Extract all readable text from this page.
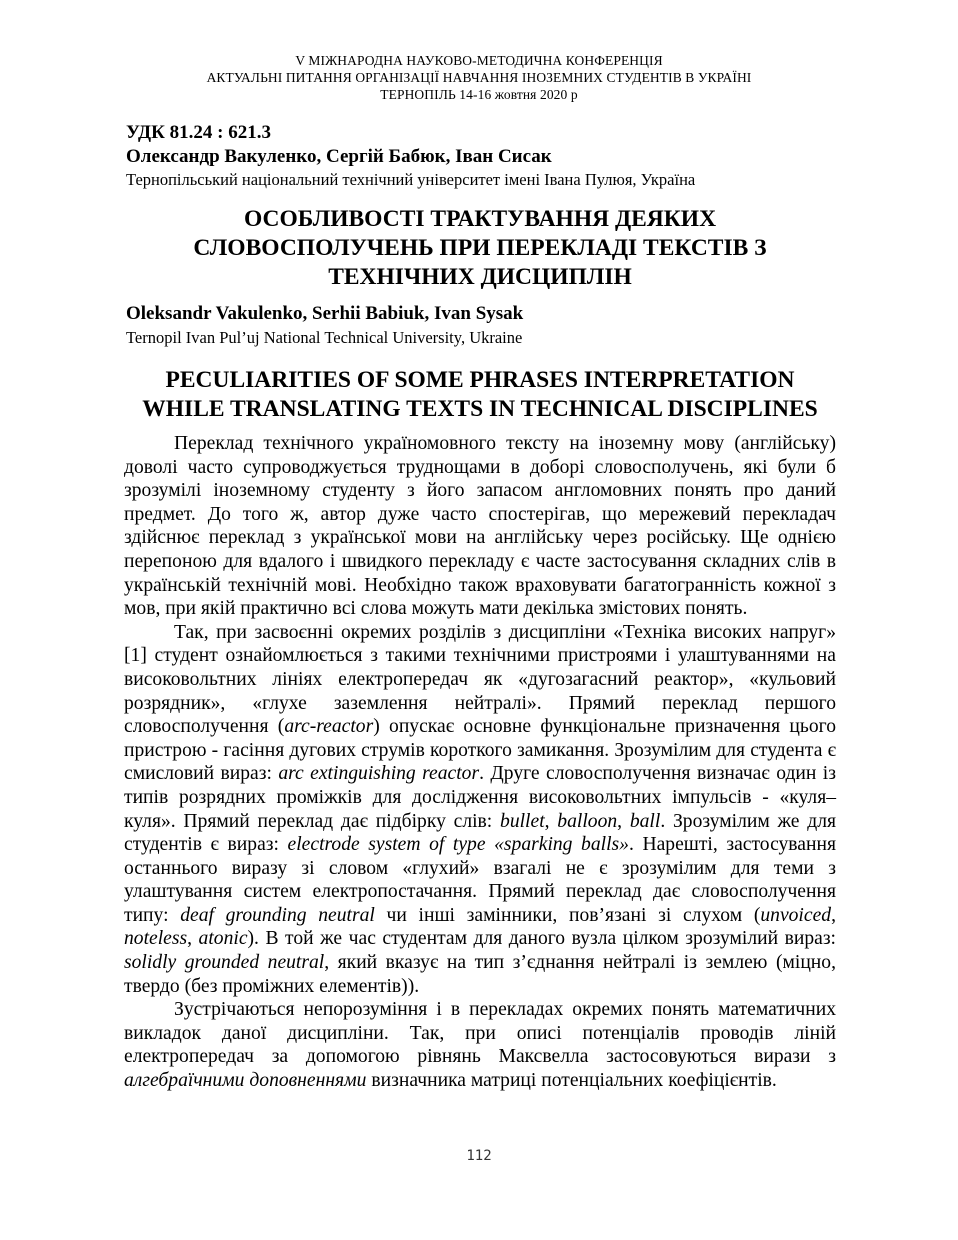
V МІЖНАРОДНА НАУКОВО-МЕТОДИЧНА КОНФЕРЕНЦІЯ
АКТУАЛЬНІ ПИТАННЯ ОРГАНІЗАЦІЇ НАВЧАННЯ ІНОЗЕМНИХ СТУДЕНТІВ В УКРАЇНІ
ТЕРНОПІЛЬ 14-16 жовтня 2020 р
УДК 81.24 : 621.3
Олександр Вакуленко, Сергій Бабюк, Іван Сисак
Тернопільський національний технічний університет імені Івана Пулюя, Україна
ОСОБЛИВОСТІ ТРАКТУВАННЯ ДЕЯКИХ
СЛОВОСПОЛУЧЕНЬ ПРИ ПЕРЕКЛАДІ ТЕКСТІВ З
ТЕХНІЧНИХ ДИСЦИПЛІН
Oleksandr Vakulenko, Serhii Babiuk, Ivan Sysak
Ternopil Ivan Pul’uj National Technical University, Ukraine
PECULIARITIES OF SOME PHRASES INTERPRETATION
WHILE TRANSLATING TEXTS IN TECHNICAL DISCIPLINES

Переклад технічного україномовного тексту на іноземну мову (англійську) доволі часто супроводжується труднощами в доборі словосполучень, які були б зрозумілі іноземному студенту з його запасом англомовних понять про даний предмет. До того ж, автор дуже часто спостерігав, що мережевий перекладач здійснює переклад з української мови на англійську через російську. Ще однією перепоною для вдалого і швидкого перекладу є часте застосування складних слів в українській технічній мові. Необхідно також враховувати багатогранність кожної з мов, при якій практично всі слова можуть мати декілька змістових понять.

Так, при засвоєнні окремих розділів з дисципліни «Техніка високих напруг» [1] студент ознайомлюється з такими технічними пристроями і улаштуваннями на високовольтних лініях електропередач як «дугозагасний реактор», «кульовий розрядник», «глухе заземлення нейтралі». Прямий переклад першого словосполучення (arc-reactor) опускає основне функціональне призначення цього пристрою - гасіння дугових струмів короткого замикання. Зрозумілим для студента є смисловий вираз: arc extinguishing reactor. Друге словосполучення визначає один із типів розрядних проміжків для дослідження високовольтних імпульсів - «куля–куля». Прямий переклад дає підбірку слів: bullet, balloon, ball. Зрозумілим же для студентів є вираз: electrode system of type «sparking balls». Нарешті, застосування останнього виразу зі словом «глухий» взагалі не є зрозумілим для теми з улаштування систем електропостачання. Прямий переклад дає словосполучення типу: deaf grounding neutral чи інші замінники, пов’язані зі слухом (unvoiced, noteless, atonic). В той же час студентам для даного вузла цілком зрозумілий вираз: solidly grounded neutral, який вказує на тип з’єднання нейтралі із землею (міцно, твердо (без проміжних елементів)).

Зустрічаються непорозуміння і в перекладах окремих понять математичних викладок даної дисципліни. Так, при описі потенціалів проводів ліній електропередач за допомогою рівнянь Максвелла застосовуються вирази з алгебраїчними доповненнями визначника матриці потенціальних коефіцієнтів.

112
